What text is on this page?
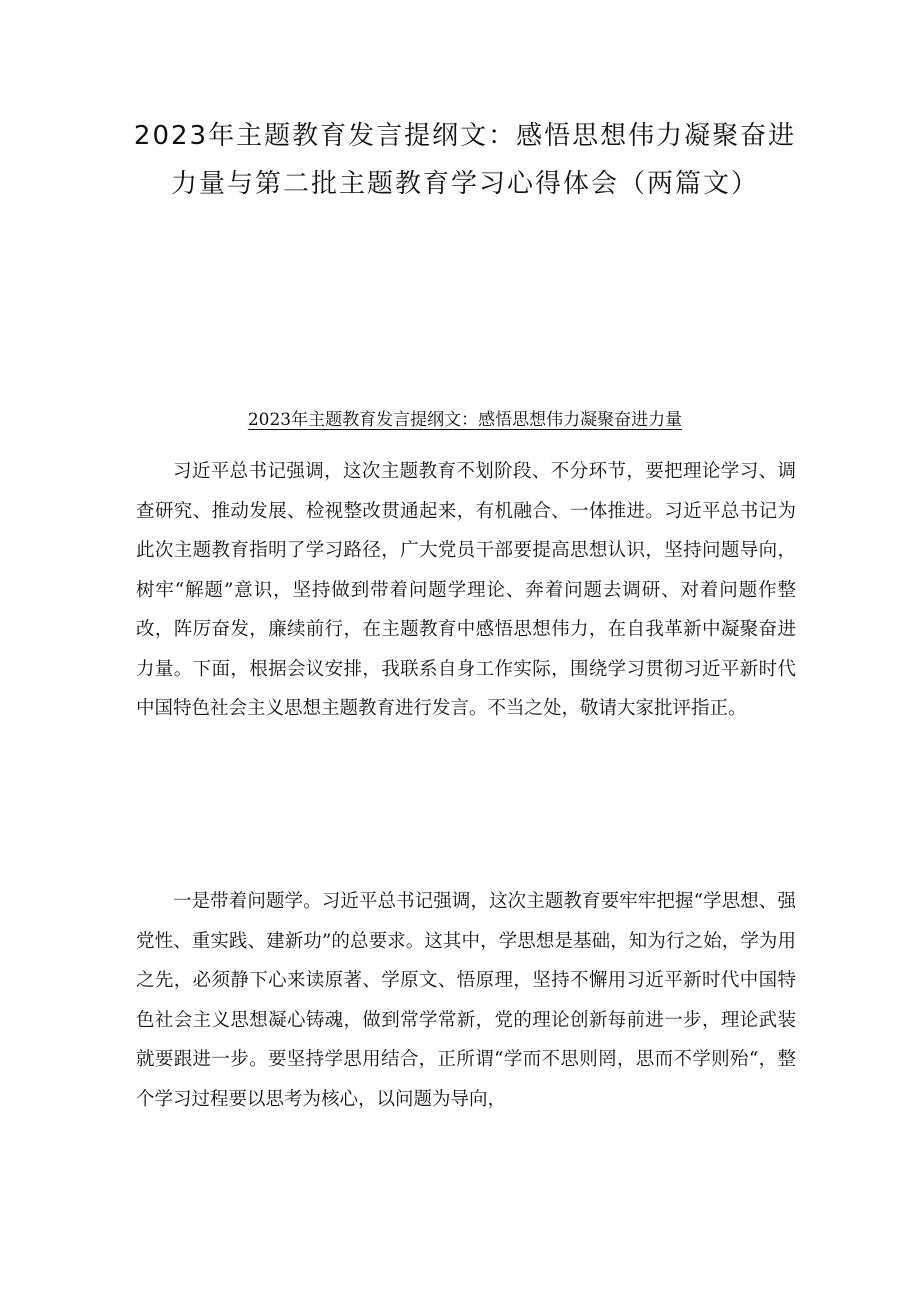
2023年主题教育发言提纲文：感悟思想伟力凝聚奋进
力量与第二批主题教育学习心得体会（两篇文）
2023年主题教育发言提纲文：感悟思想伟力凝聚奋进力量

习近平总书记强调，这次主题教育不划阶段、不分环节，要把理论学习、调查研究、推动发展、检视整改贯通起来，有机融合、一体推进。习近平总书记为此次主题教育指明了学习路径，广大党员干部要提高思想认识，坚持问题导向，树牢“解题”意识，坚持做到带着问题学理论、奔着问题去调研、对着问题作整改，阵厉奋发，廉续前行，在主题教育中感悟思想伟力，在自我革新中凝聚奋进力量。下面，根据会议安排，我联系自身工作实际，围绕学习贯彻习近平新时代中国特色社会主义思想主题教育进行发言。不当之处，敬请大家批评指正。

一是带着问题学。习近平总书记强调，这次主题教育要牢牢把握“学思想、强党性、重实践、建新功”的总要求。这其中，学思想是基础，知为行之始，学为用之先，必须静下心来读原著、学原文、悟原理，坚持不懈用习近平新时代中国特色社会主义思想凝心铸魂，做到常学常新，党的理论创新每前进一步，理论武装就要跟进一步。要坚持学思用结合，正所谓“学而不思则罔，思而不学则殆“，整个学习过程要以思考为核心，以问题为导向，
